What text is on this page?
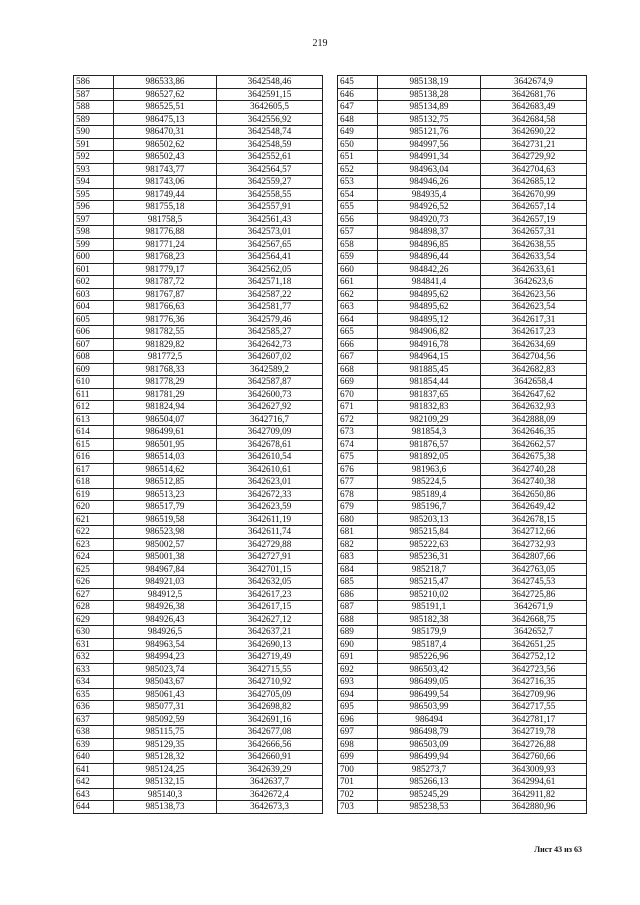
219
586	986533,86	3642548,46
587	986527,62	3642591,15
588	986525,51	3642605,5
589	986475,13	3642556,92
590	986470,31	3642548,74
591	986502,62	3642548,59
592	986502,43	3642552,61
593	981743,77	3642564,57
594	981743,06	3642559,27
595	981749,44	3642558,55
596	981755,18	3642557,91
597	981758,5	3642561,43
598	981776,88	3642573,01
599	981771,24	3642567,65
600	981768,23	3642564,41
601	981779,17	3642562,05
602	981787,72	3642571,18
603	981767,87	3642587,22
604	981766,63	3642581,77
605	981776,36	3642579,46
606	981782,55	3642585,27
607	981829,82	3642642,73
608	981772,5	3642607,02
609	981768,33	3642589,2
610	981778,29	3642587,87
611	981781,29	3642600,73
612	981824,94	3642627,92
613	986504,07	3642716,7
614	986499,61	3642709,09
615	986501,95	3642678,61
616	986514,03	3642610,54
617	986514,62	3642610,61
618	986512,85	3642623,01
619	986513,23	3642672,33
620	986517,79	3642623,59
621	986519,58	3642611,19
622	986523,98	3642611,74
623	985002,57	3642729,88
624	985001,38	3642727,91
625	984967,84	3642701,15
626	984921,03	3642632,05
627	984912,5	3642617,23
628	984926,38	3642617,15
629	984926,43	3642627,12
630	984926,5	3642637,21
631	984963,54	3642690,13
632	984994,23	3642719,49
633	985023,74	3642715,55
634	985043,67	3642710,92
635	985061,43	3642705,09
636	985077,31	3642698,82
637	985092,59	3642691,16
638	985115,75	3642677,08
639	985129,35	3642666,56
640	985128,32	3642660,91
641	985124,25	3642639,29
642	985132,15	3642637,7
643	985140,3	3642672,4
644	985138,73	3642673,3
645	985138,19	3642674,9
646	985138,28	3642681,76
647	985134,89	3642683,49
648	985132,75	3642684,58
649	985121,76	3642690,22
650	984997,56	3642731,21
651	984991,34	3642729,92
652	984963,04	3642704,63
653	984946,26	3642685,12
654	984935,4	3642670,99
655	984926,52	3642657,14
656	984920,73	3642657,19
657	984898,37	3642657,31
658	984896,85	3642638,55
659	984896,44	3642633,54
660	984842,26	3642633,61
661	984841,4	3642623,6
662	984895,62	3642623,56
663	984895,62	3642623,54
664	984895,12	3642617,31
665	984906,82	3642617,23
666	984916,78	3642634,69
667	984964,15	3642704,56
668	981885,45	3642682,83
669	981854,44	3642658,4
670	981837,65	3642647,62
671	981832,83	3642632,93
672	982109,29	3642888,09
673	981854,3	3642646,35
674	981876,57	3642662,57
675	981892,05	3642675,38
676	981963,6	3642740,28
677	985224,5	3642740,38
678	985189,4	3642650,86
679	985196,7	3642649,42
680	985203,13	3642678,15
681	985215,84	3642712,66
682	985222,63	3642732,93
683	985236,31	3642807,66
684	985218,7	3642763,05
685	985215,47	3642745,53
686	985210,02	3642725,86
687	985191,1	3642671,9
688	985182,38	3642668,75
689	985179,9	3642652,7
690	985187,4	3642651,25
691	985226,96	3642752,12
692	986503,42	3642723,56
693	986499,05	3642716,35
694	986499,54	3642709,96
695	986503,99	3642717,55
696	986494	3642781,17
697	986498,79	3642719,78
698	986503,09	3642726,88
699	986499,94	3642760,66
700	985273,7	3643009,93
701	985266,13	3642994,61
702	985245,29	3642911,82
703	985238,53	3642880,96
Лист 43 из 63
